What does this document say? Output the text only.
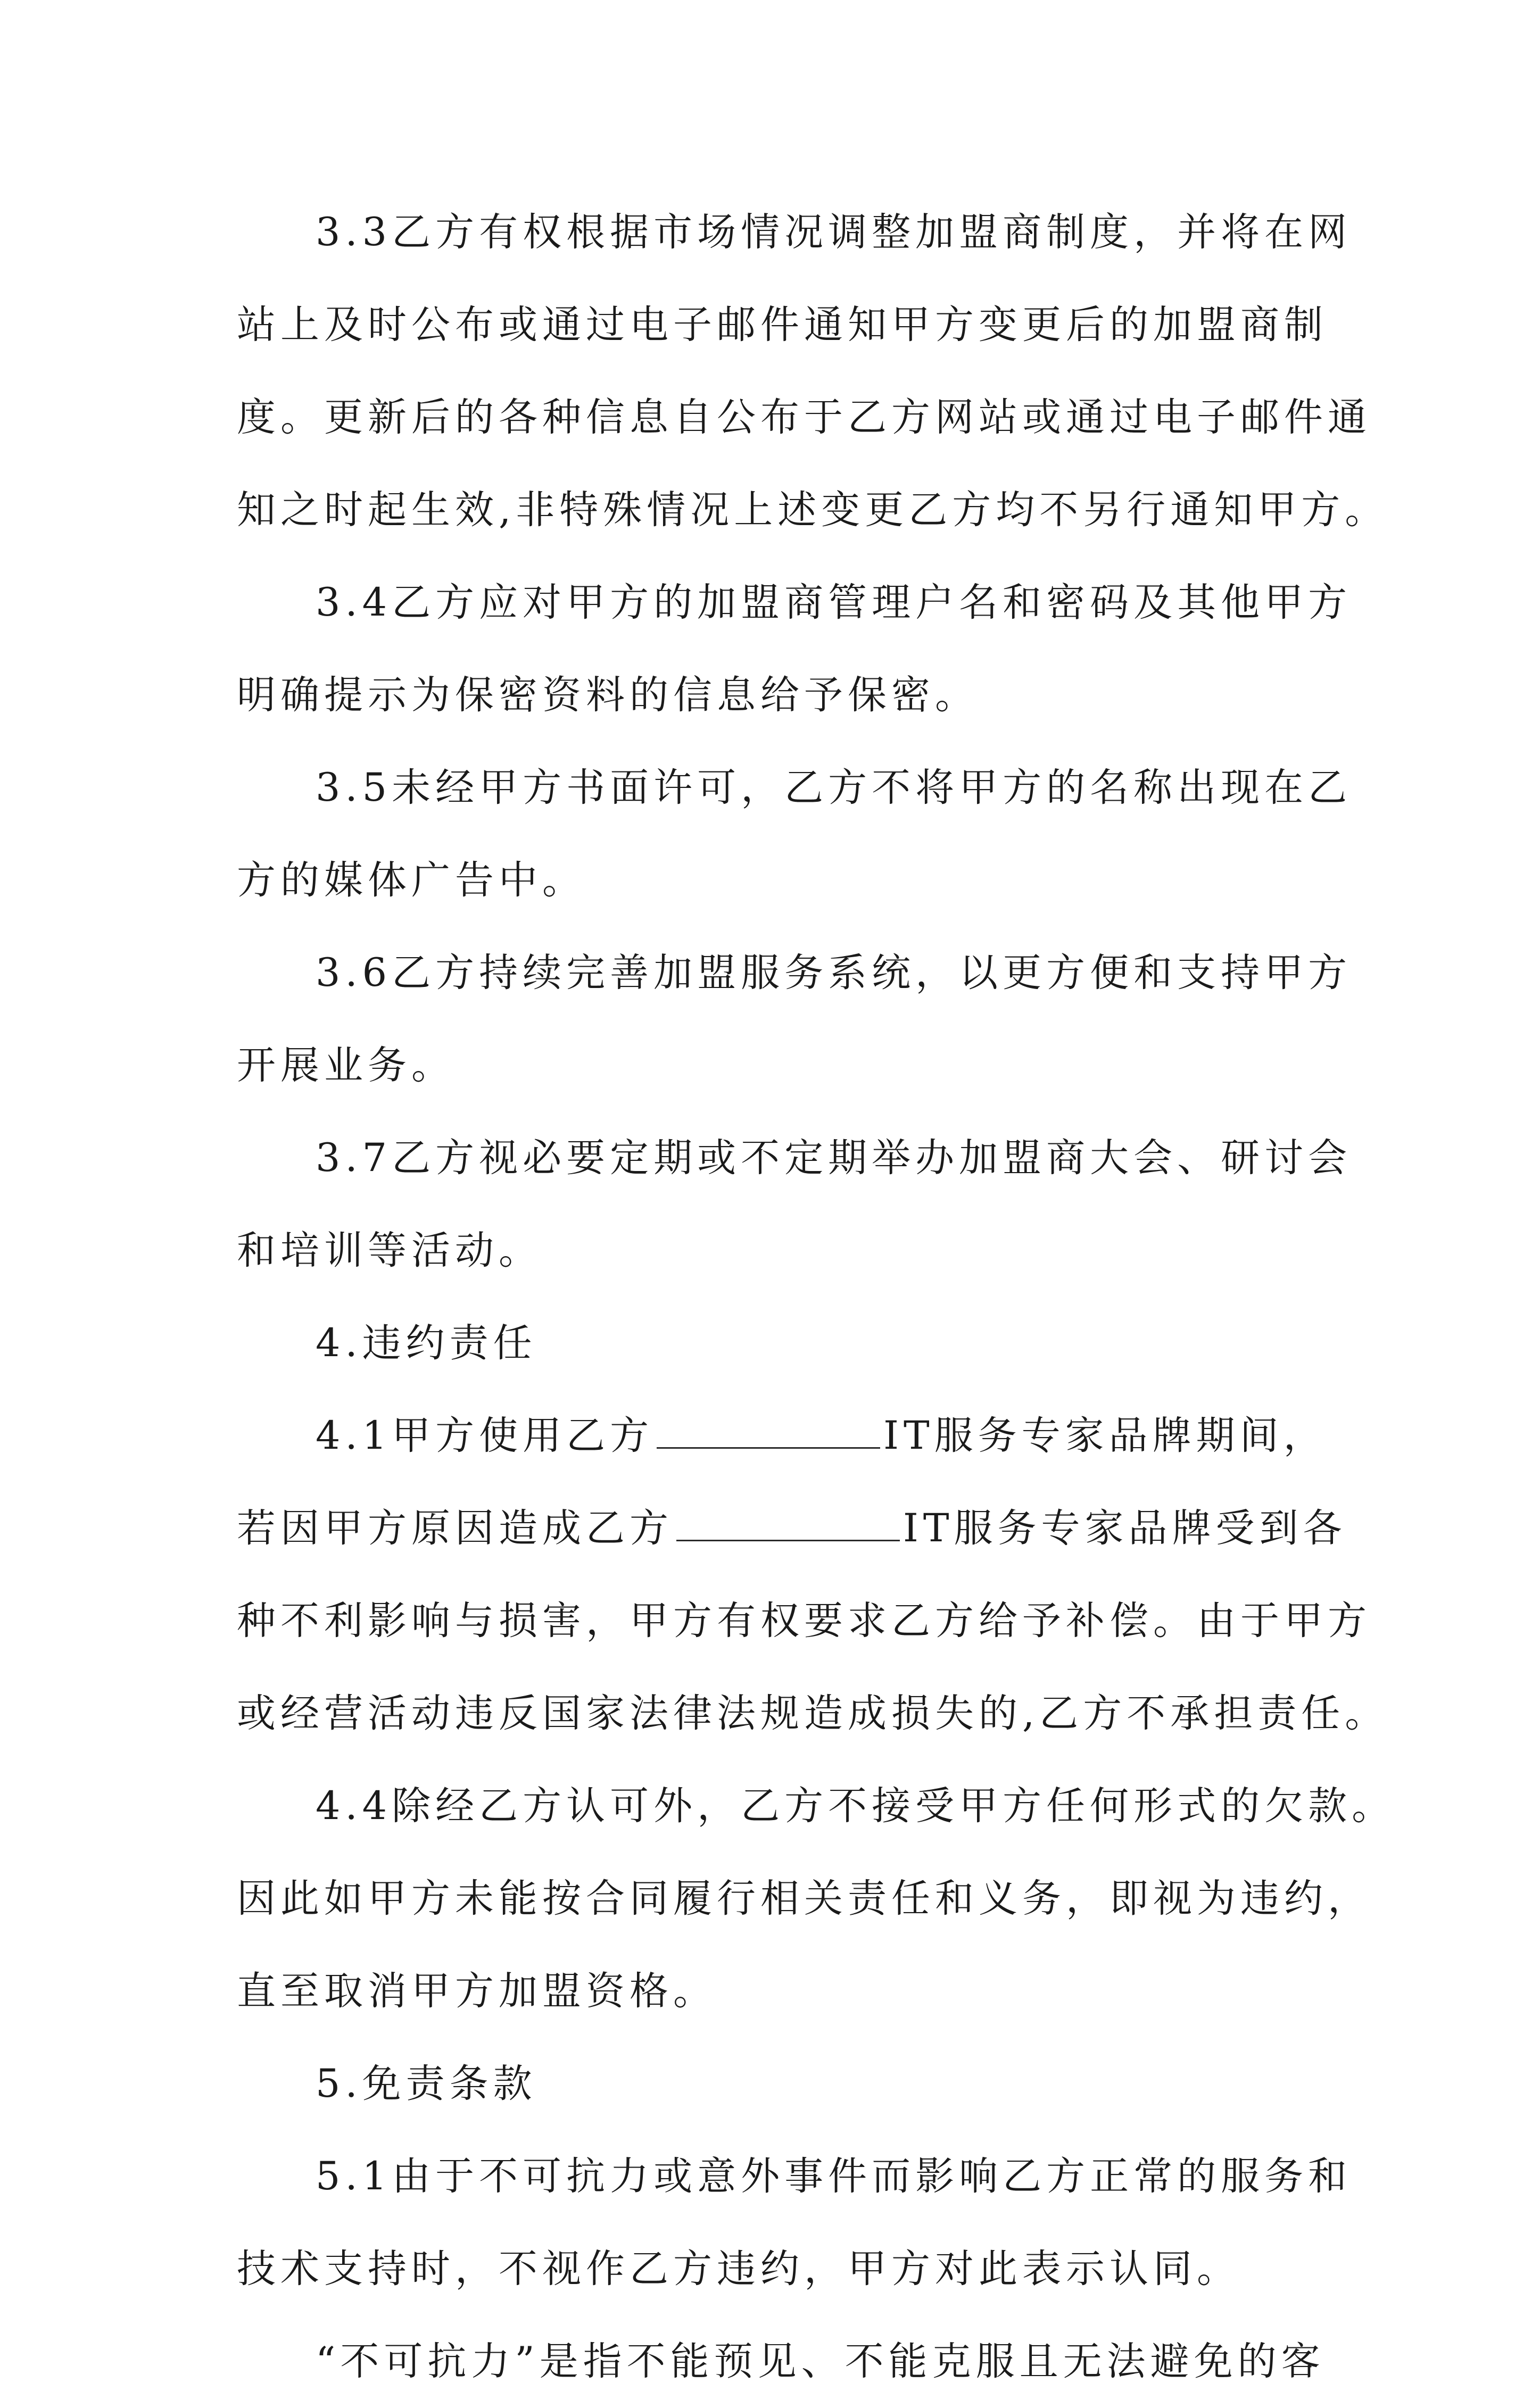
3.3乙方有权根据市场情况调整加盟商制度，并将在网
站上及时公布或通过电子邮件通知甲方变更后的加盟商制
度。更新后的各种信息自公布于乙方网站或通过电子邮件通
知之时起生效,非特殊情况上述变更乙方均不另行通知甲方。
3.4乙方应对甲方的加盟商管理户名和密码及其他甲方
明确提示为保密资料的信息给予保密。
3.5未经甲方书面许可，乙方不将甲方的名称出现在乙
方的媒体广告中。
3.6乙方持续完善加盟服务系统，以更方便和支持甲方
开展业务。
3.7乙方视必要定期或不定期举办加盟商大会、研讨会
和培训等活动。
4.违约责任
4.1甲方使用乙方	IT服务专家品牌期间，
若因甲方原因造成乙方	IT服务专家品牌受到各
种不利影响与损害，甲方有权要求乙方给予补偿。由于甲方
或经营活动违反国家法律法规造成损失的,乙方不承担责任。
4.4除经乙方认可外，乙方不接受甲方任何形式的欠款。
因此如甲方未能按合同履行相关责任和义务，即视为违约，
直至取消甲方加盟资格。
5.免责条款
5.1由于不可抗力或意外事件而影响乙方正常的服务和
技术支持时，不视作乙方违约，甲方对此表示认同。
“不可抗力”是指不能预见、不能克服且无法避免的客
